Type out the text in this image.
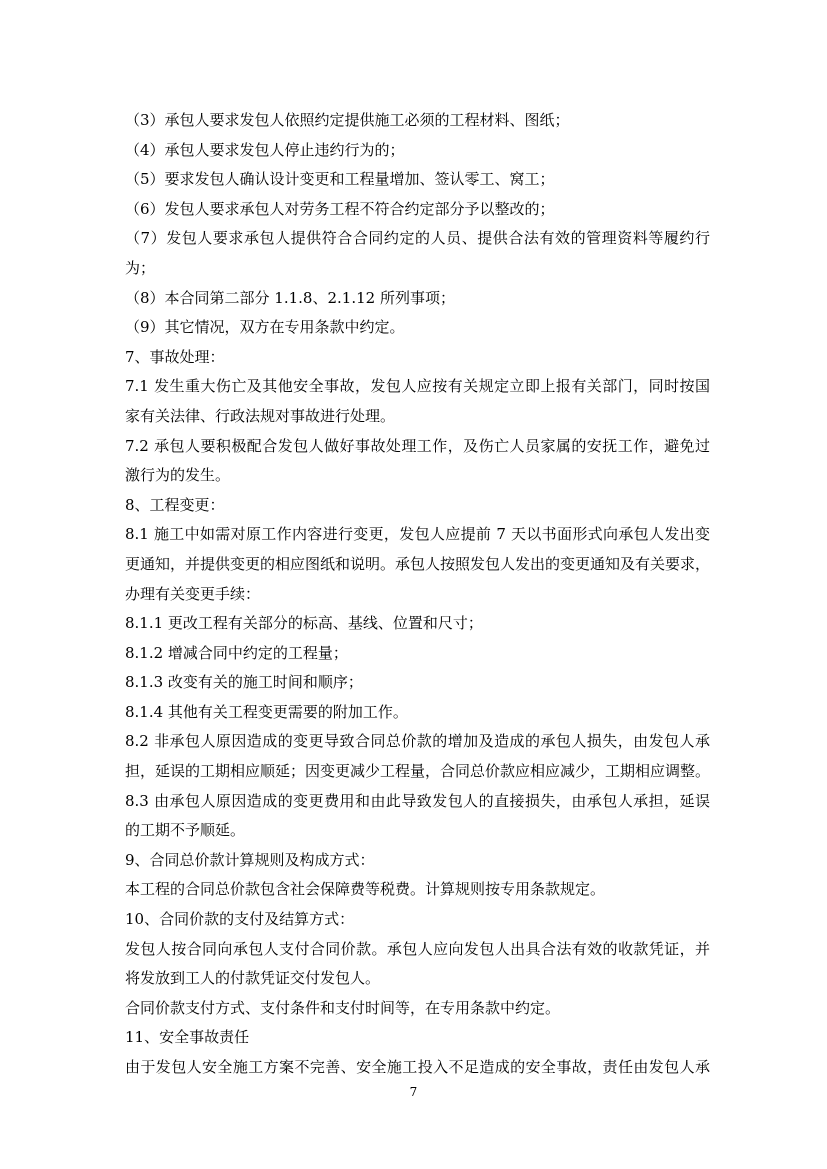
（3）承包人要求发包人依照约定提供施工必须的工程材料、图纸；
（4）承包人要求发包人停止违约行为的；
（5）要求发包人确认设计变更和工程量增加、签认零工、窝工；
（6）发包人要求承包人对劳务工程不符合约定部分予以整改的；
（7）发包人要求承包人提供符合合同约定的人员、提供合法有效的管理资料等履约行
为；
（8）本合同第二部分 1.1.8、2.1.12 所列事项；
（9）其它情况，双方在专用条款中约定。
7、事故处理：
7.1 发生重大伤亡及其他安全事故，发包人应按有关规定立即上报有关部门，同时按国
家有关法律、行政法规对事故进行处理。
7.2 承包人要积极配合发包人做好事故处理工作，及伤亡人员家属的安抚工作，避免过
激行为的发生。
8、工程变更：
8.1 施工中如需对原工作内容进行变更，发包人应提前 7 天以书面形式向承包人发出变
更通知，并提供变更的相应图纸和说明。承包人按照发包人发出的变更通知及有关要求，
办理有关变更手续：
8.1.1 更改工程有关部分的标高、基线、位置和尺寸；
8.1.2 增减合同中约定的工程量；
8.1.3 改变有关的施工时间和顺序；
8.1.4 其他有关工程变更需要的附加工作。
8.2 非承包人原因造成的变更导致合同总价款的增加及造成的承包人损失，由发包人承
担，延误的工期相应顺延；因变更减少工程量，合同总价款应相应减少，工期相应调整。
8.3 由承包人原因造成的变更费用和由此导致发包人的直接损失，由承包人承担，延误
的工期不予顺延。
9、合同总价款计算规则及构成方式：
本工程的合同总价款包含社会保障费等税费。计算规则按专用条款规定。
10、合同价款的支付及结算方式：
发包人按合同向承包人支付合同价款。承包人应向发包人出具合法有效的收款凭证，并
将发放到工人的付款凭证交付发包人。
合同价款支付方式、支付条件和支付时间等，在专用条款中约定。
11、安全事故责任
由于发包人安全施工方案不完善、安全施工投入不足造成的安全事故，责任由发包人承
7
